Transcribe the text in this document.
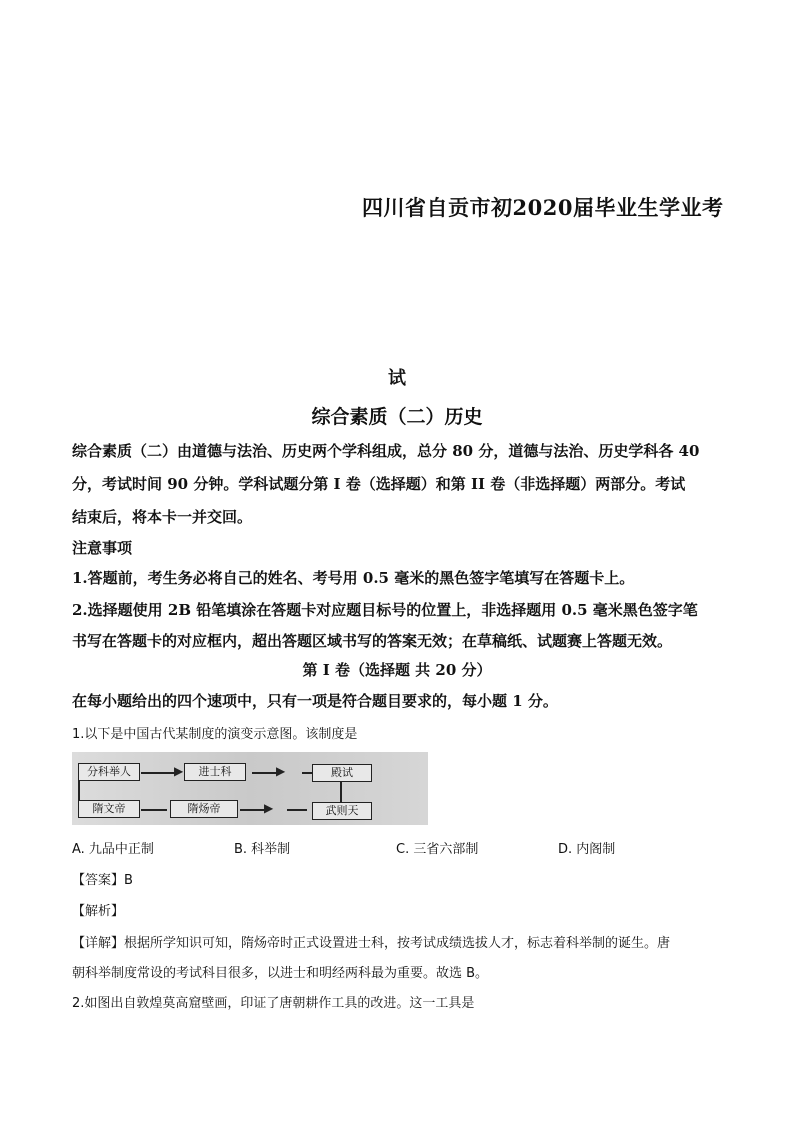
四川省自贡市初2020届毕业生学业考
试
综合素质（二）历史
综合素质（二）由道德与法治、历史两个学科组成，总分 80 分，道德与法治、历史学科各 40
分，考试时间 90 分钟。学科试题分第 I 卷（选择题）和第 II 卷（非选择题）两部分。考试
结束后，将本卡一并交回。
注意事项
1.答题前，考生务必将自己的姓名、考号用 0.5 毫米的黑色签字笔填写在答题卡上。
2.选择题使用 2B 铅笔填涂在答题卡对应题目标号的位置上，非选择题用 0.5 毫米黑色签字笔
书写在答题卡的对应框内，超出答题区域书写的答案无效；在草稿纸、试题赛上答题无效。
第 I 卷（选择题 共 20 分）
在每小题给出的四个速项中，只有一项是符合题目要求的，每小题 1 分。
1.以下是中国古代某制度的演变示意图。该制度是
分科举人	▶	进士科	▶	殿试
隋文帝	隋炀帝	▶	武则天
A. 九品中正制	B. 科举制	C. 三省六部制	D. 内阁制
【答案】B
【解析】
【详解】根据所学知识可知，隋炀帝时正式设置进士科，按考试成绩选拔人才，标志着科举制的诞生。唐
朝科举制度常设的考试科目很多，以进士和明经两科最为重要。故选 B。
2.如图出自敦煌莫高窟壁画，印证了唐朝耕作工具的改进。这一工具是
